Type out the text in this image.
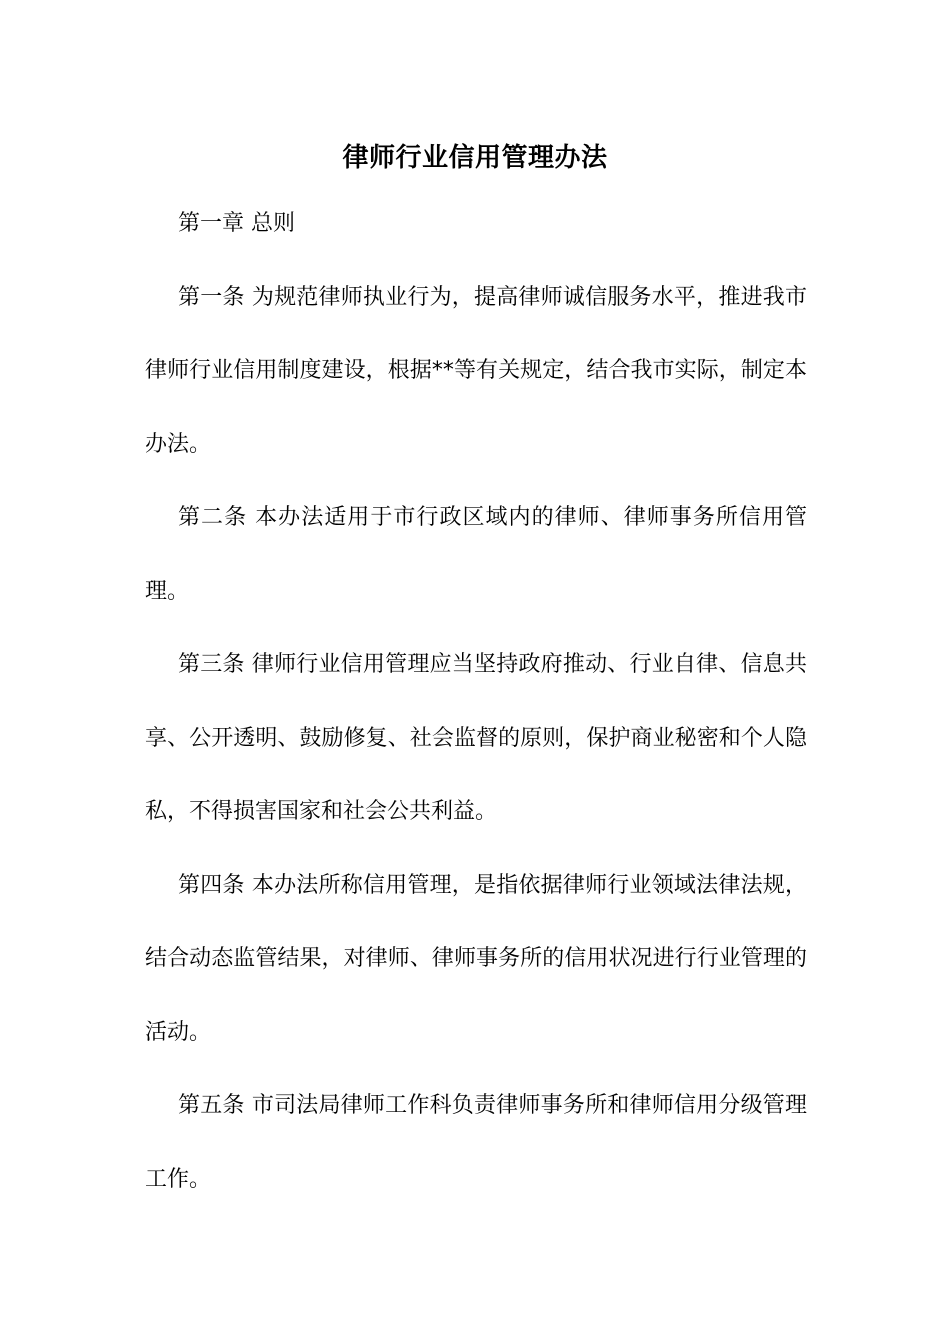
律师行业信用管理办法

第一章 总则

第一条 为规范律师执业行为，提高律师诚信服务水平，推进我市律师行业信用制度建设，根据**等有关规定，结合我市实际，制定本办法。

第二条 本办法适用于市行政区域内的律师、律师事务所信用管理。

第三条 律师行业信用管理应当坚持政府推动、行业自律、信息共享、公开透明、鼓励修复、社会监督的原则，保护商业秘密和个人隐私，不得损害国家和社会公共利益。

第四条 本办法所称信用管理，是指依据律师行业领域法律法规，结合动态监管结果，对律师、律师事务所的信用状况进行行业管理的活动。

第五条 市司法局律师工作科负责律师事务所和律师信用分级管理工作。
